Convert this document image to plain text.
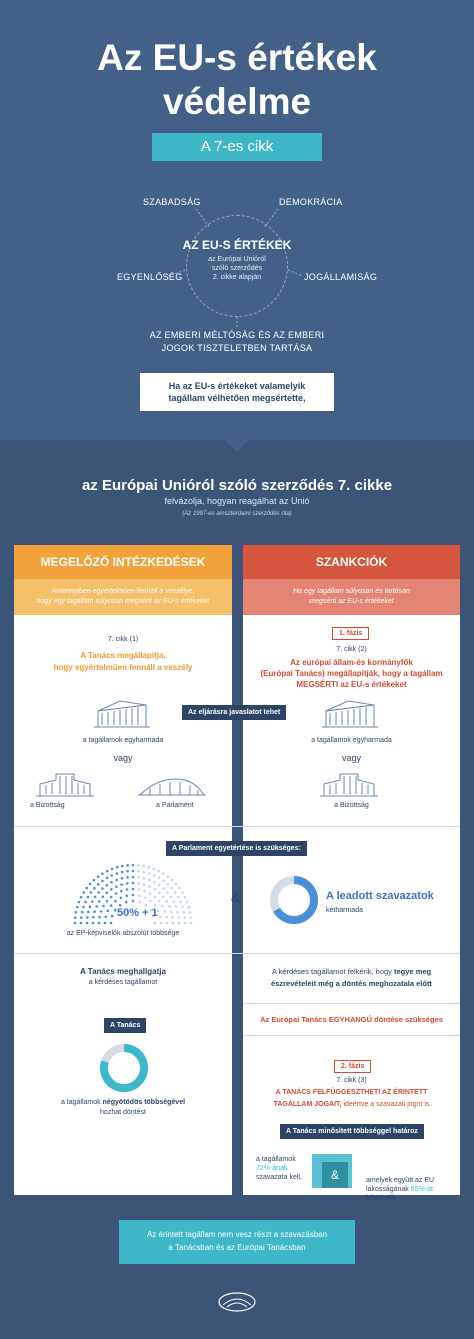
Az EU-s értékek
védelme
A 7-es cikk
SZABADSÁG	DEMOKRÁCIA
EGYENLŐSÉG	JOGÁLLAMISÁG
AZ EMBERI MÉLTÓSÁG ÉS AZ EMBERI
JOGOK TISZTELETBEN TARTÁSA
AZ EU-S ÉRTÉKEK
az Európai Unióról
szóló szerződés
2. cikke alapján
Ha az EU-s értékeket valamelyik
tagállam vélhetően megsértette,
az Európai Unióról szóló szerződés 7. cikke
felvázolja, hogyan reagálhat az Unió
(Az 1997-es amszterdami szerződés óta)
MEGELŐZŐ INTÉZKEDÉSEK
Amennyiben egyértelműen fennáll a veszélye,
hogy egy tagállam súlyosan megsérti az EU-s értékeket
7. cikk (1)
A Tanács megállapítja,
hogy egyértelműen fennáll a veszély
a tagállamok egyharmada
vagy
a Bizottság	a Parlament
SZANKCIÓK
Ha egy tagállam súlyosan és tartósan
megsérti az EU-s értékeket
1. fázis
7. cikk (2)
Az európai állam-és kormányfők
(Európai Tanács) megállapítják, hogy a tagállam
MEGSÉRTI az EU-s értékeket
a tagállamok egyharmada
vagy
a Bizottság
Az eljárásra javaslatot tehet
A Parlament egyetértése is szükséges:
50% + 1
az EP-képviselők abszolút többsége
&	A leadott szavazatok
kétharmada
A Tanács meghallgatja
a kérdéses tagállamot
A Tanács
a tagállamok négyötödös többségével
hozhat döntést
A kérdéses tagállamot felkérik, hogy tegye meg
észrevételeit még a döntés meghozatala előtt
Az Európai Tanács EGYHANGÚ döntése szükséges
2. fázis
7. cikk (3)
A TANÁCS FELFÜGGESZTHETI AZ ÉRINTETT
TAGÁLLAM JOGAIT, ideértve a szavazati jogot is
A Tanács minősített többséggel határoz
&
a tagállamok
72%-ának
szavazata kell,	amelyek együtt az EU
lakosságának 65%-át
képviselik
Az érintett tagállam nem vesz részt a szavazásban
a Tanácsban és az Európai Tanácsban
